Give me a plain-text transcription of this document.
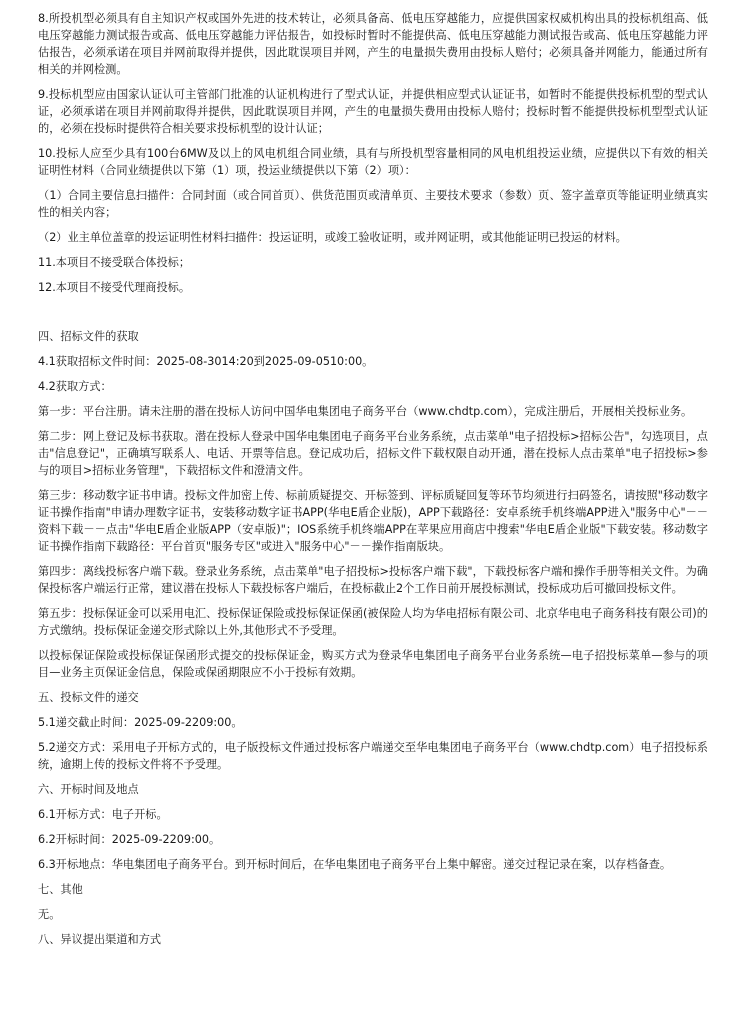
8.所投机型必须具有自主知识产权或国外先进的技术转让，必须具备高、低电压穿越能力，应提供国家权威机构出具的投标机组高、低电压穿越能力测试报告或高、低电压穿越能力评估报告，如投标时暂时不能提供高、低电压穿越能力测试报告或高、低电压穿越能力评估报告，必须承诺在项目并网前取得并提供，因此耽误项目并网，产生的电量损失费用由投标人赔付；必须具备并网能力，能通过所有相关的并网检测。

9.投标机型应由国家认证认可主管部门批准的认证机构进行了型式认证，并提供相应型式认证证书，如暂时不能提供投标机型的型式认证，必须承诺在项目并网前取得并提供，因此耽误项目并网，产生的电量损失费用由投标人赔付；投标时暂不能提供投标机型型式认证的，必须在投标时提供符合相关要求投标机型的设计认证；

10.投标人应至少具有100台6MW及以上的风电机组合同业绩，具有与所投机型容量相同的风电机组投运业绩，应提供以下有效的相关证明性材料（合同业绩提供以下第（1）项，投运业绩提供以下第（2）项）：

（1）合同主要信息扫描件：合同封面（或合同首页）、供货范围页或清单页、主要技术要求（参数）页、签字盖章页等能证明业绩真实性的相关内容；

（2）业主单位盖章的投运证明性材料扫描件：投运证明，或竣工验收证明，或并网证明，或其他能证明已投运的材料。

11.本项目不接受联合体投标；

12.本项目不接受代理商投标。

四、招标文件的获取

4.1获取招标文件时间：2025-08-3014:20到2025-09-0510:00。

4.2获取方式：

第一步：平台注册。请未注册的潜在投标人访问中国华电集团电子商务平台（www.chdtp.com），完成注册后，开展相关投标业务。

第二步：网上登记及标书获取。潜在投标人登录中国华电集团电子商务平台业务系统，点击菜单"电子招投标>招标公告"，勾选项目，点击"信息登记"，正确填写联系人、电话、开票等信息。登记成功后，招标文件下载权限自动开通，潜在投标人点击菜单"电子招投标>参与的项目>招标业务管理"，下载招标文件和澄清文件。

第三步：移动数字证书申请。投标文件加密上传、标前质疑提交、开标签到、评标质疑回复等环节均须进行扫码签名，请按照"移动数字证书操作指南"申请办理数字证书，安装移动数字证书APP(华电E盾企业版)，APP下载路径：安卓系统手机终端APP进入"服务中心"－－资料下载－－点击"华电E盾企业版APP（安卓版)"；IOS系统手机终端APP在苹果应用商店中搜索"华电E盾企业版"下载安装。移动数字证书操作指南下载路径：平台首页"服务专区"或进入"服务中心"－－操作指南版块。

第四步：离线投标客户端下载。登录业务系统，点击菜单"电子招投标>投标客户端下载"，下载投标客户端和操作手册等相关文件。为确保投标客户端运行正常，建议潜在投标人下载投标客户端后，在投标截止2个工作日前开展投标测试，投标成功后可撤回投标文件。

第五步：投标保证金可以采用电汇、投标保证保险或投标保证保函(被保险人均为华电招标有限公司、北京华电电子商务科技有限公司)的方式缴纳。投标保证金递交形式除以上外,其他形式不予受理。

以投标保证保险或投标保证保函形式提交的投标保证金，购买方式为登录华电集团电子商务平台业务系统—电子招投标菜单—参与的项目—业务主页保证金信息，保险或保函期限应不小于投标有效期。

五、投标文件的递交

5.1递交截止时间：2025-09-2209:00。

5.2递交方式：采用电子开标方式的，电子版投标文件通过投标客户端递交至华电集团电子商务平台（www.chdtp.com）电子招投标系统，逾期上传的投标文件将不予受理。

六、开标时间及地点

6.1开标方式：电子开标。

6.2开标时间：2025-09-2209:00。

6.3开标地点：华电集团电子商务平台。到开标时间后，在华电集团电子商务平台上集中解密。递交过程记录在案，以存档备查。

七、其他

无。

八、异议提出渠道和方式
